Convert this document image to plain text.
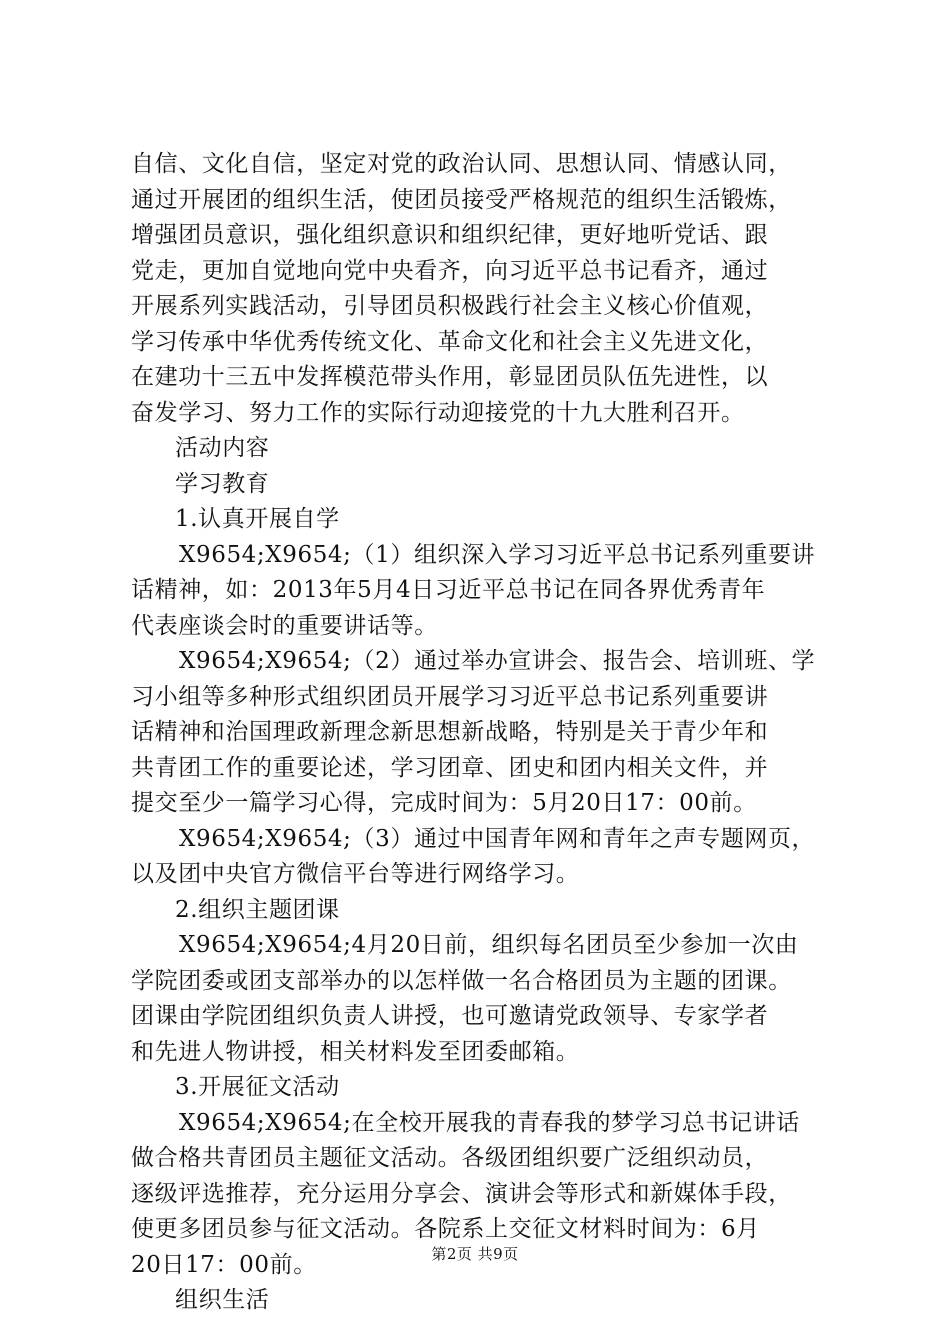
自信、文化自信，坚定对党的政治认同、思想认同、情感认同，
通过开展团的组织生活，使团员接受严格规范的组织生活锻炼，
增强团员意识，强化组织意识和组织纪律，更好地听党话、跟
党走，更加自觉地向党中央看齐，向习近平总书记看齐，通过
开展系列实践活动，引导团员积极践行社会主义核心价值观，
学习传承中华优秀传统文化、革命文化和社会主义先进文化，
在建功十三五中发挥模范带头作用，彰显团员队伍先进性，以
奋发学习、努力工作的实际行动迎接党的十九大胜利召开。
活动内容
学习教育
1.认真开展自学
X9654;X9654;（1）组织深入学习习近平总书记系列重要讲
话精神，如：2013年5月4日习近平总书记在同各界优秀青年
代表座谈会时的重要讲话等。
X9654;X9654;（2）通过举办宣讲会、报告会、培训班、学
习小组等多种形式组织团员开展学习习近平总书记系列重要讲
话精神和治国理政新理念新思想新战略，特别是关于青少年和
共青团工作的重要论述，学习团章、团史和团内相关文件，并
提交至少一篇学习心得，完成时间为：5月20日17：00前。
X9654;X9654;（3）通过中国青年网和青年之声专题网页，
以及团中央官方微信平台等进行网络学习。
2.组织主题团课
X9654;X9654;4月20日前，组织每名团员至少参加一次由
学院团委或团支部举办的以怎样做一名合格团员为主题的团课。
团课由学院团组织负责人讲授，也可邀请党政领导、专家学者
和先进人物讲授，相关材料发至团委邮箱。
3.开展征文活动
X9654;X9654;在全校开展我的青春我的梦学习总书记讲话
做合格共青团员主题征文活动。各级团组织要广泛组织动员，
逐级评选推荐，充分运用分享会、演讲会等形式和新媒体手段，
使更多团员参与征文活动。各院系上交征文材料时间为：6月
20日17：00前。
组织生活
第2页 共9页
